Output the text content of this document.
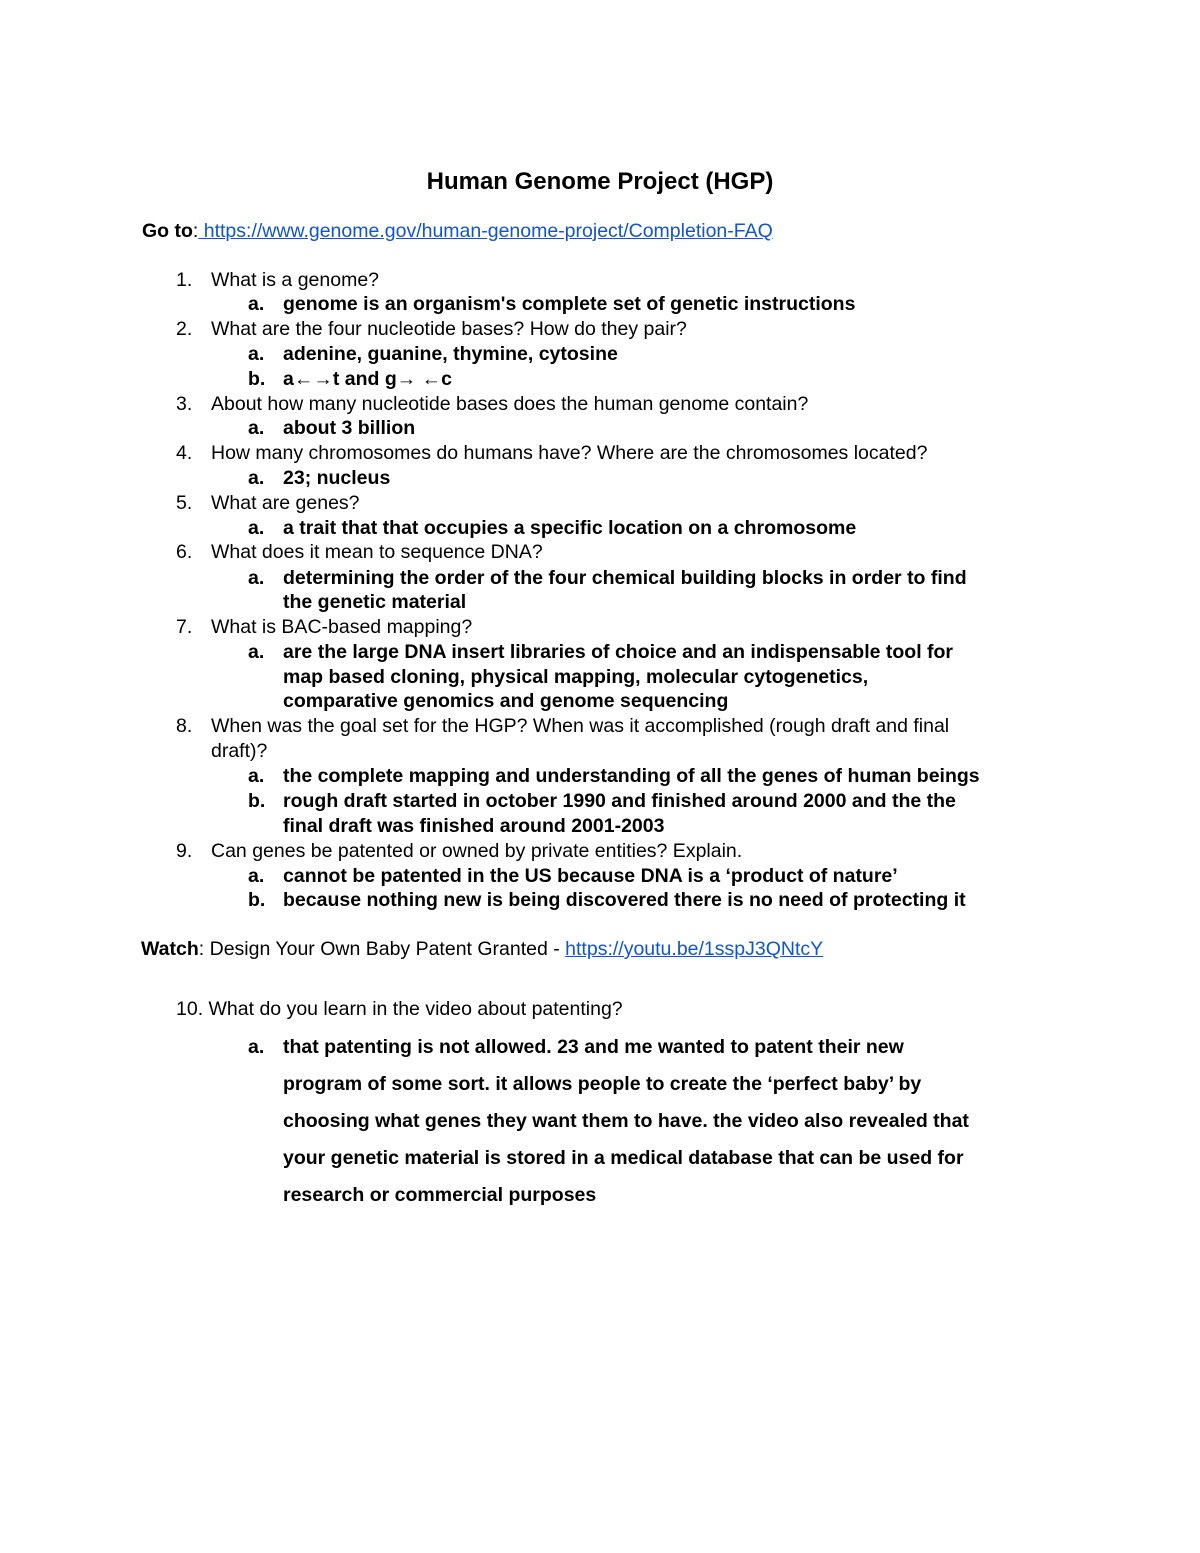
Human Genome Project (HGP)
Go to: https://www.genome.gov/human-genome-project/Completion-FAQ
1. What is a genome?
a. genome is an organism's complete set of genetic instructions
2. What are the four nucleotide bases? How do they pair?
a. adenine, guanine, thymine, cytosine
b. a←→t and g→ ←c
3. About how many nucleotide bases does the human genome contain?
a. about 3 billion
4. How many chromosomes do humans have? Where are the chromosomes located?
a. 23; nucleus
5. What are genes?
a. a trait that that occupies a specific location on a chromosome
6. What does it mean to sequence DNA?
a. determining the order of the four chemical building blocks in order to find
the genetic material
7. What is BAC-based mapping?
a. are the large DNA insert libraries of choice and an indispensable tool for
map based cloning, physical mapping, molecular cytogenetics,
comparative genomics and genome sequencing
8. When was the goal set for the HGP? When was it accomplished (rough draft and final
draft)?
a. the complete mapping and understanding of all the genes of human beings
b. rough draft started in october 1990 and finished around 2000 and the the
final draft was finished around 2001-2003
9. Can genes be patented or owned by private entities? Explain.
a. cannot be patented in the US because DNA is a ‘product of nature’
b. because nothing new is being discovered there is no need of protecting it
Watch: Design Your Own Baby Patent Granted - https://youtu.be/1sspJ3QNtcY
10. What do you learn in the video about patenting?
a. that patenting is not allowed. 23 and me wanted to patent their new
program of some sort. it allows people to create the ‘perfect baby’ by
choosing what genes they want them to have. the video also revealed that
your genetic material is stored in a medical database that can be used for
research or commercial purposes
